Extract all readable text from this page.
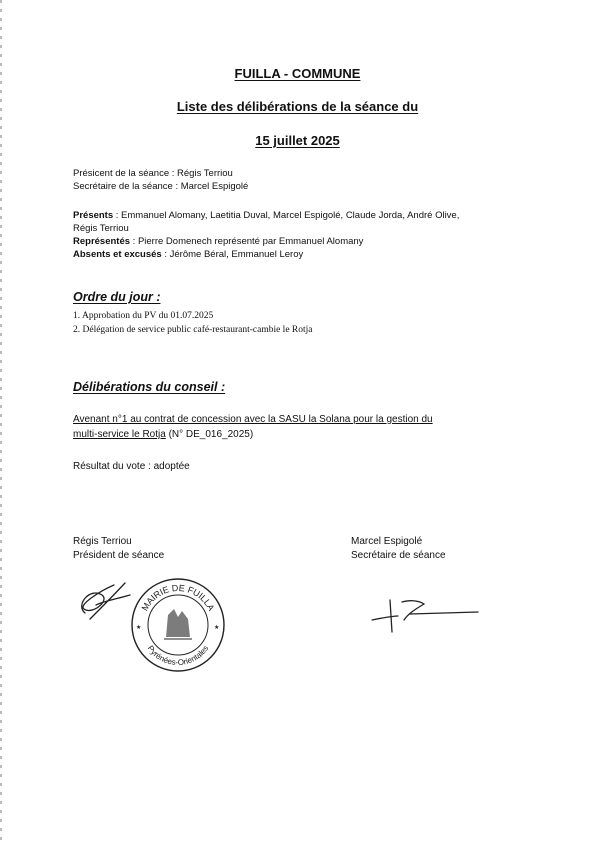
FUILLA - COMMUNE
Liste des délibérations de la séance du
15 juillet 2025
Présicent de la séance : Régis Terriou
Secrétaire de la séance : Marcel Espigolé
Présents : Emmanuel Alomany, Laetitia Duval, Marcel Espigolé, Claude Jorda, André Olive,
Régis Terriou
Représentés : Pierre Domenech représenté par Emmanuel Alomany
Absents et excusés : Jérôme Béral, Emmanuel Leroy
Ordre du jour :
1. Approbation du PV du 01.07.2025
2. Délégation de service public café-restaurant-cambie le Rotja
Délibérations du conseil :
Avenant n°1 au contrat de concession avec la SASU la Solana pour la gestion du
multi-service le Rotja (N° DE_016_2025)
Résultat du vote : adoptée
Régis Terriou
Président de séance
Marcel Espigolé
Secrétaire de séance
MAIRIE DE FUILLA
Pyrénées-Orientales
★	★
